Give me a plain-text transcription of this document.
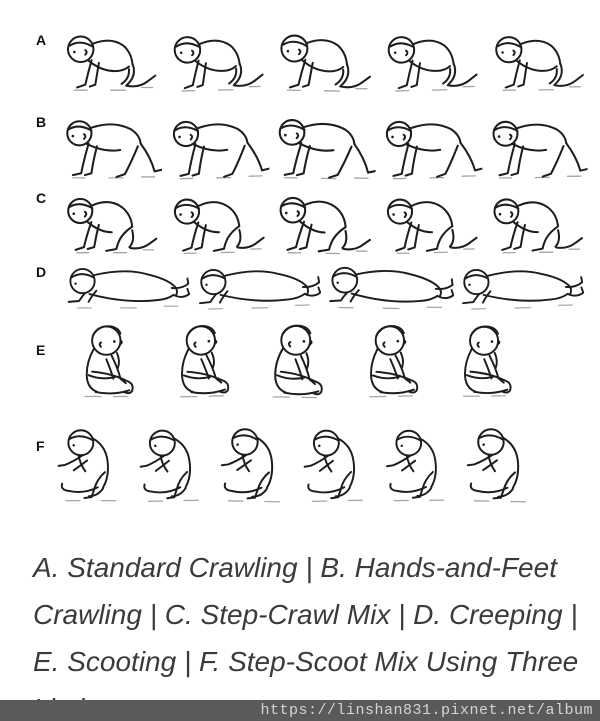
A
B
C
D
E
F
A. Standard Crawling | B. Hands-and-Feet
Crawling | C. Step-Crawl Mix | D. Creeping |
E. Scooting | F. Step-Scoot Mix Using Three
https://linshan831.pixnet.net/album
